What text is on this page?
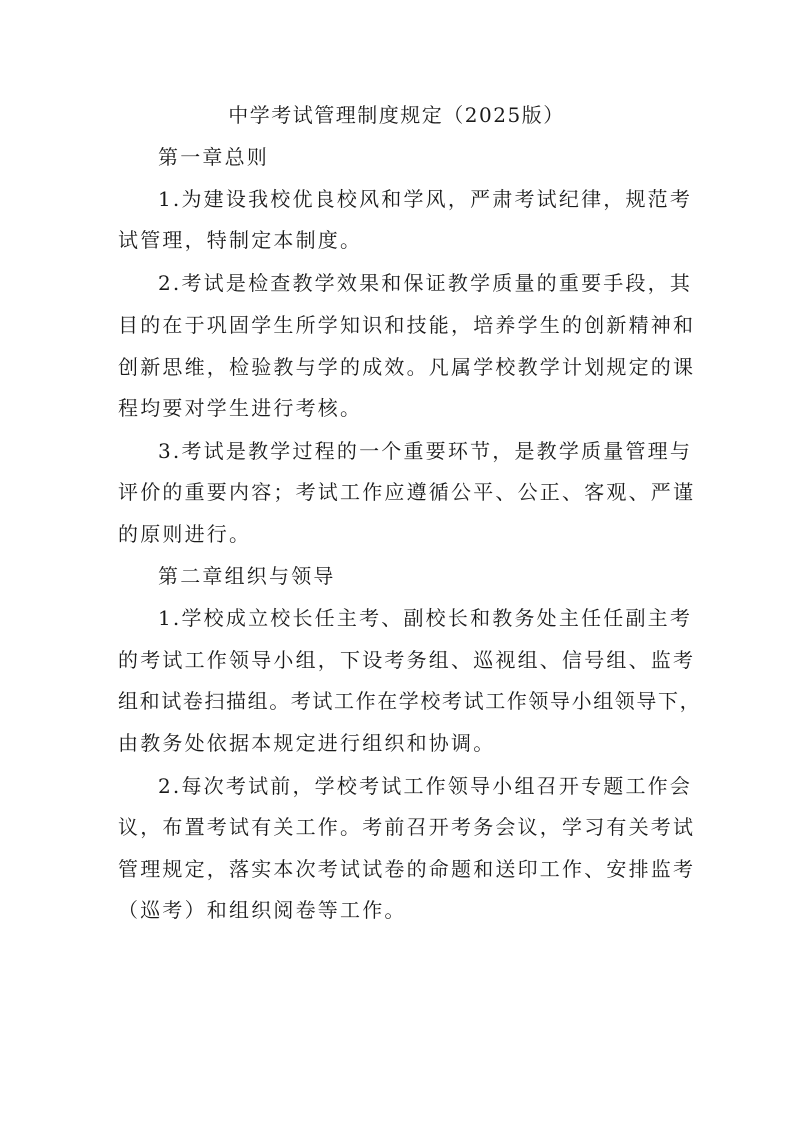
中学考试管理制度规定（2025版）
第一章总则
1.为建设我校优良校风和学风，严肃考试纪律，规范考
试管理，特制定本制度。
2.考试是检查教学效果和保证教学质量的重要手段，其
目的在于巩固学生所学知识和技能，培养学生的创新精神和
创新思维，检验教与学的成效。凡属学校教学计划规定的课
程均要对学生进行考核。
3.考试是教学过程的一个重要环节，是教学质量管理与
评价的重要内容；考试工作应遵循公平、公正、客观、严谨
的原则进行。
第二章组织与领导
1.学校成立校长任主考、副校长和教务处主任任副主考
的考试工作领导小组，下设考务组、巡视组、信号组、监考
组和试卷扫描组。考试工作在学校考试工作领导小组领导下，
由教务处依据本规定进行组织和协调。
2.每次考试前，学校考试工作领导小组召开专题工作会
议，布置考试有关工作。考前召开考务会议，学习有关考试
管理规定，落实本次考试试卷的命题和送印工作、安排监考
（巡考）和组织阅卷等工作。
